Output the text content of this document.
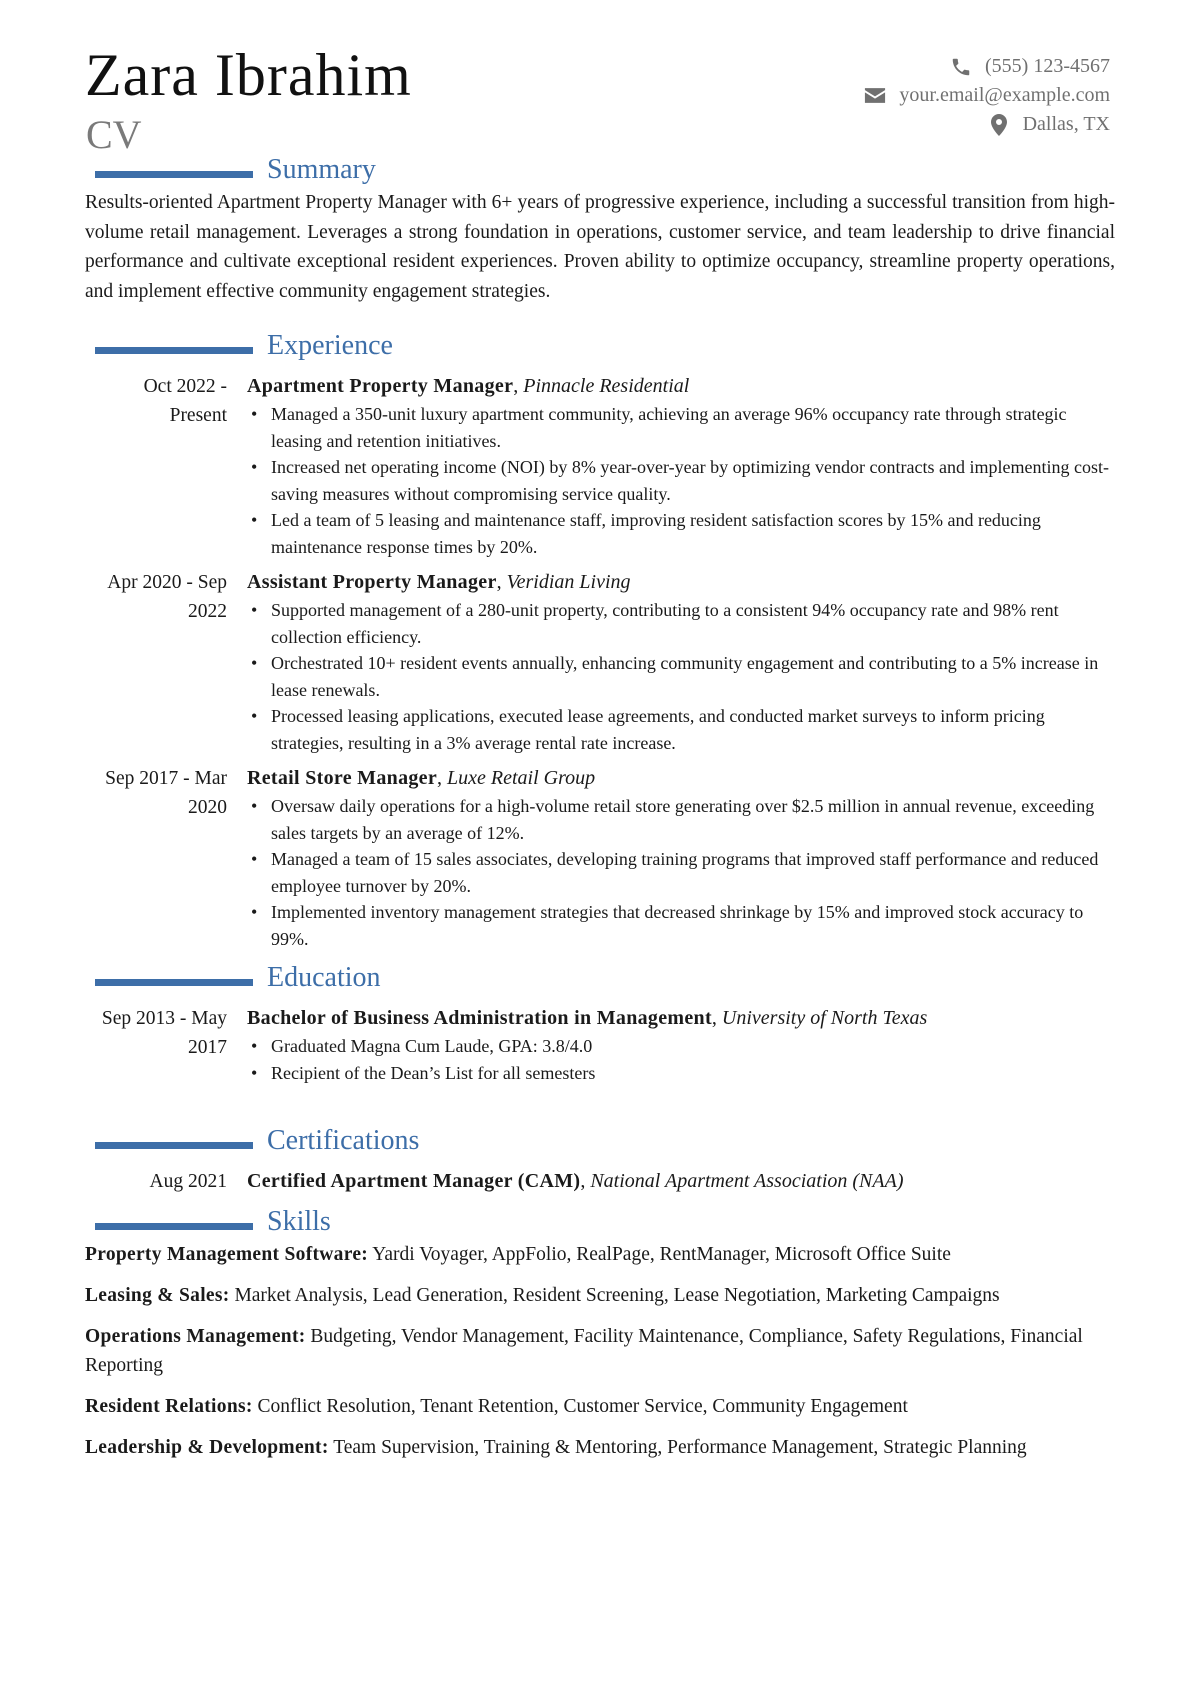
Zara Ibrahim
CV
(555) 123-4567
your.email@example.com
Dallas, TX
Summary
Results-oriented Apartment Property Manager with 6+ years of progressive experience, including a successful transition from high-volume retail management. Leverages a strong foundation in operations, customer service, and team leadership to drive financial performance and cultivate exceptional resident experiences. Proven ability to optimize occupancy, streamline property operations, and implement effective community engagement strategies.
Experience
Oct 2022 - Present
Apartment Property Manager, Pinnacle Residential
• Managed a 350-unit luxury apartment community, achieving an average 96% occupancy rate through strategic leasing and retention initiatives.
• Increased net operating income (NOI) by 8% year-over-year by optimizing vendor contracts and implementing cost-saving measures without compromising service quality.
• Led a team of 5 leasing and maintenance staff, improving resident satisfaction scores by 15% and reducing maintenance response times by 20%.
Apr 2020 - Sep 2022
Assistant Property Manager, Veridian Living
• Supported management of a 280-unit property, contributing to a consistent 94% occupancy rate and 98% rent collection efficiency.
• Orchestrated 10+ resident events annually, enhancing community engagement and contributing to a 5% increase in lease renewals.
• Processed leasing applications, executed lease agreements, and conducted market surveys to inform pricing strategies, resulting in a 3% average rental rate increase.
Sep 2017 - Mar 2020
Retail Store Manager, Luxe Retail Group
• Oversaw daily operations for a high-volume retail store generating over $2.5 million in annual revenue, exceeding sales targets by an average of 12%.
• Managed a team of 15 sales associates, developing training programs that improved staff performance and reduced employee turnover by 20%.
• Implemented inventory management strategies that decreased shrinkage by 15% and improved stock accuracy to 99%.
Education
Sep 2013 - May 2017
Bachelor of Business Administration in Management, University of North Texas
• Graduated Magna Cum Laude, GPA: 3.8/4.0
• Recipient of the Dean’s List for all semesters
Certifications
Aug 2021	Certified Apartment Manager (CAM), National Apartment Association (NAA)
Skills
Property Management Software: Yardi Voyager, AppFolio, RealPage, RentManager, Microsoft Office Suite
Leasing & Sales: Market Analysis, Lead Generation, Resident Screening, Lease Negotiation, Marketing Campaigns
Operations Management: Budgeting, Vendor Management, Facility Maintenance, Compliance, Safety Regulations, Financial Reporting
Resident Relations: Conflict Resolution, Tenant Retention, Customer Service, Community Engagement
Leadership & Development: Team Supervision, Training & Mentoring, Performance Management, Strategic Planning
